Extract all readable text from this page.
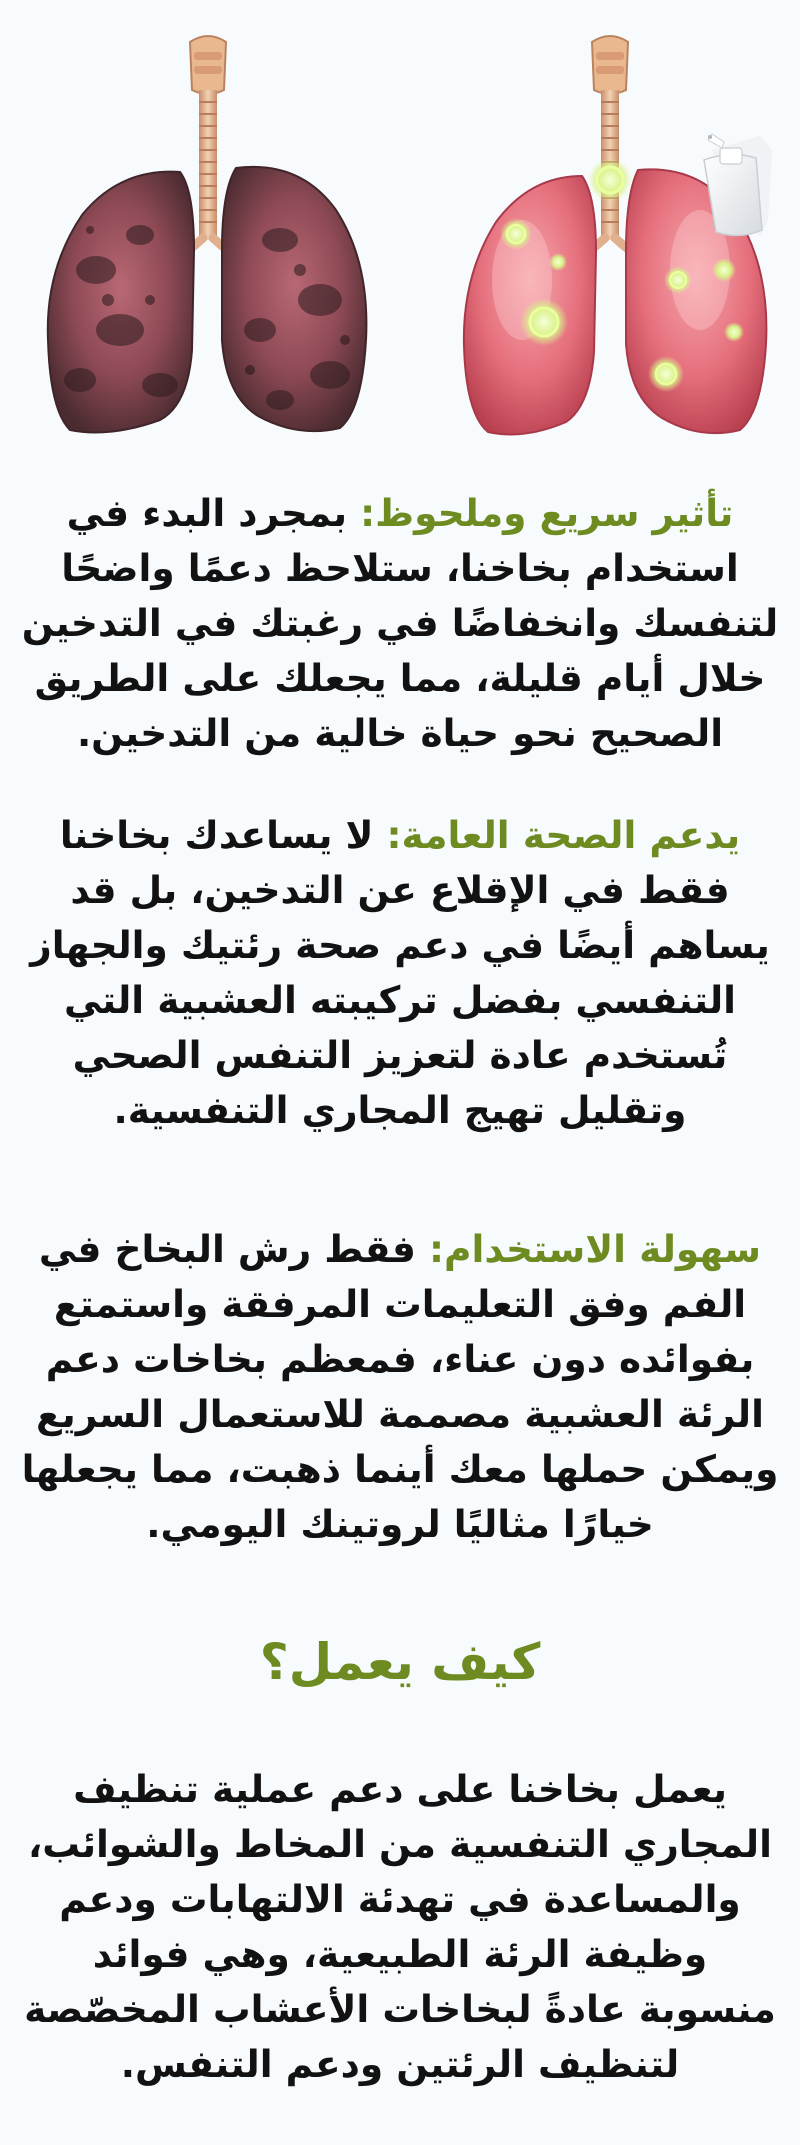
تأثير سريع وملحوظ: بمجرد البدء في استخدام بخاخنا، ستلاحظ دعمًا واضحًا لتنفسك وانخفاضًا في رغبتك في التدخين خلال أيام قليلة، مما يجعلك على الطريق الصحيح نحو حياة خالية من التدخين.

يدعم الصحة العامة: لا يساعدك بخاخنا فقط في الإقلاع عن التدخين، بل قد يساهم أيضًا في دعم صحة رئتيك والجهاز التنفسي بفضل تركيبته العشبية التي تُستخدم عادة لتعزيز التنفس الصحي وتقليل تهيج المجاري التنفسية.

سهولة الاستخدام: فقط رش البخاخ في الفم وفق التعليمات المرفقة واستمتع بفوائده دون عناء، فمعظم بخاخات دعم الرئة العشبية مصممة للاستعمال السريع ويمكن حملها معك أينما ذهبت، مما يجعلها خيارًا مثاليًا لروتينك اليومي.

كيف يعمل؟

يعمل بخاخنا على دعم عملية تنظيف المجاري التنفسية من المخاط والشوائب، والمساعدة في تهدئة الالتهابات ودعم وظيفة الرئة الطبيعية، وهي فوائد منسوبة عادةً لبخاخات الأعشاب المخصّصة لتنظيف الرئتين ودعم التنفس.
